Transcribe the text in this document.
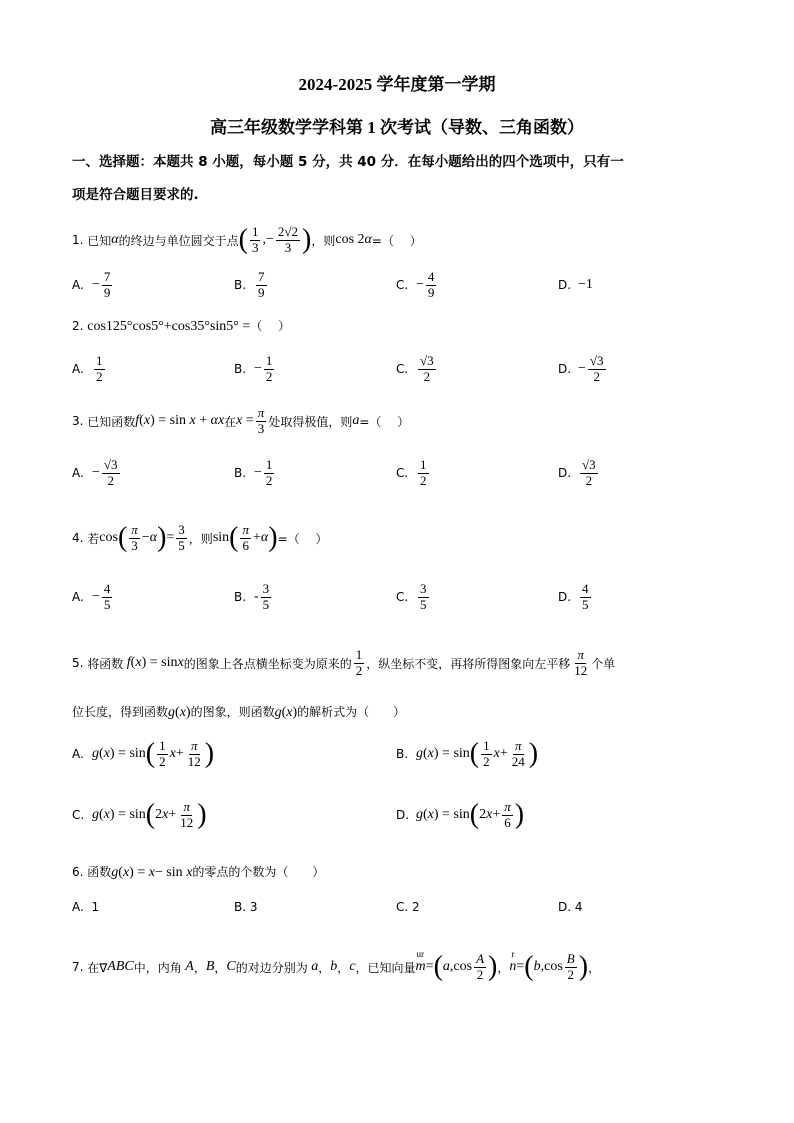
2024-2025 学年度第一学期
高三年级数学学科第 1 次考试（导数、三角函数）
一、选择题：本题共 8 小题，每小题 5 分，共 40 分．在每小题给出的四个选项中，只有一
项是符合题目要求的.
1. 已知 α 的终边与单位圆交于点 ( $\frac{1}{3}$ ,− $\frac{2√2}{3}$ ) ，则 cos 2α =（　 ）
A. − $\frac{7}{9}$	B. $\frac{7}{9}$	C. − $\frac{4}{9}$	D. −1
2. cos125°cos5°+cos35°sin5° =（　 ）
A. $\frac{1}{2}$	B. − $\frac{1}{2}$	C. $\frac{√3}{2}$	D. − $\frac{√3}{2}$
3. 已知函数 f(x) = sin x + αx 在 $x = \frac{\pi}{3}$ 处取得极值，则 a =（　 ）
A. − $\frac{√3}{2}$	B. − $\frac{1}{2}$	C. $\frac{1}{2}$	D. $\frac{√3}{2}$
4. 若 cos ( $\frac{\pi}{3} -\alpha$ ) = $\frac{3}{5}$ ，则 sin ( $\frac{\pi}{6} +\alpha$ ) =（　 ）
A. − $\frac{4}{5}$	B. - $\frac{3}{5}$	C. $\frac{3}{5}$	D. $\frac{4}{5}$
5. 将函数 f(x) = sinx 的图象上各点横坐标变为原来的 $\frac{1}{2}$ ，纵坐标不变，再将所得图象向左平移 $\frac{\pi}{12}$ 个单
位长度，得到函数g(x)的图象，则函数g(x)的解析式为（　　）
A. g(x) = sin ( $\frac{1}{2}$ $x + \frac{\pi}{12}$ )	B. g(x) = sin ( $\frac{1}{2}$ $x + \frac{\pi}{24}$ )
C. g(x) = sin ( $2x+ \frac{\pi}{12}$ )	D. g(x) = sin ( $2x+ \frac{\pi}{6}$ )
6. 函数g(x) = x− sin x的零点的个数为（　　）
A.  1	B. 3	C. 2	D. 4
7. 在∇ ABC 中，内角 A ， B ， C 的对边分别为 a ， b ， c ，已知向量 m
ur
= ( a $,\cos \frac{A}{2}$ ) ， n
r
= ( b $,\cos \frac{B}{2}$ ) ，
